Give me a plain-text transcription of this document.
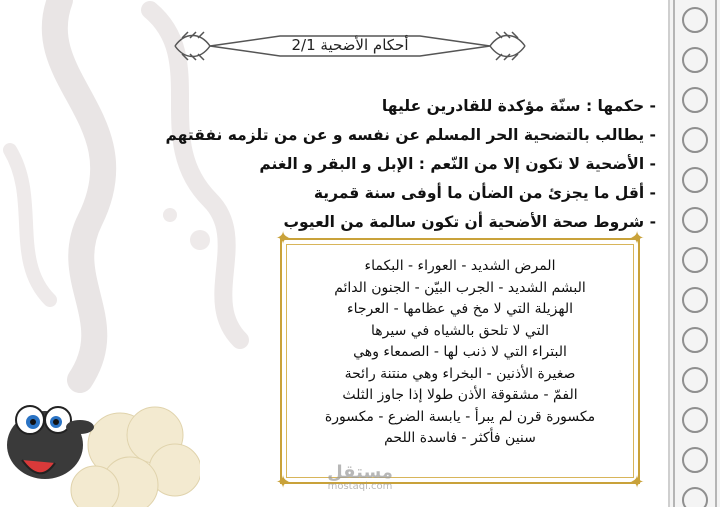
أحكام الأضحية 2/1
- حكمها : سنّة مؤكدة للقادرين عليها
- يطالب بالتضحية الحر المسلم عن نفسه و عن من تلزمه نفقتهم
- الأضحية لا تكون إلا من النّعم : الإبل و البقر و الغنم
- أقل ما يجزئ من الضأن ما أوفى سنة قمرية
- شروط صحة الأضحية أن تكون سالمة من العيوب
✦	✦
✦	✦
المرض الشديد - العوراء - البكماء
البشم الشديد - الجرب البيّن - الجنون الدائم
الهزيلة التي لا مخ في عظامها - العرجاء
التي لا تلحق بالشياه في سيرها
البتراء التي لا ذنب لها - الصمعاء وهي
صغيرة الأذنين - البخراء وهي منتنة رائحة
الفمّ - مشقوقة الأذن طولا إذا جاوز الثلث
مكسورة قرن لم يبرأ - يابسة الضرع - مكسورة
سنين فأكثر - فاسدة اللحم
مستقل
mostaqi.com
